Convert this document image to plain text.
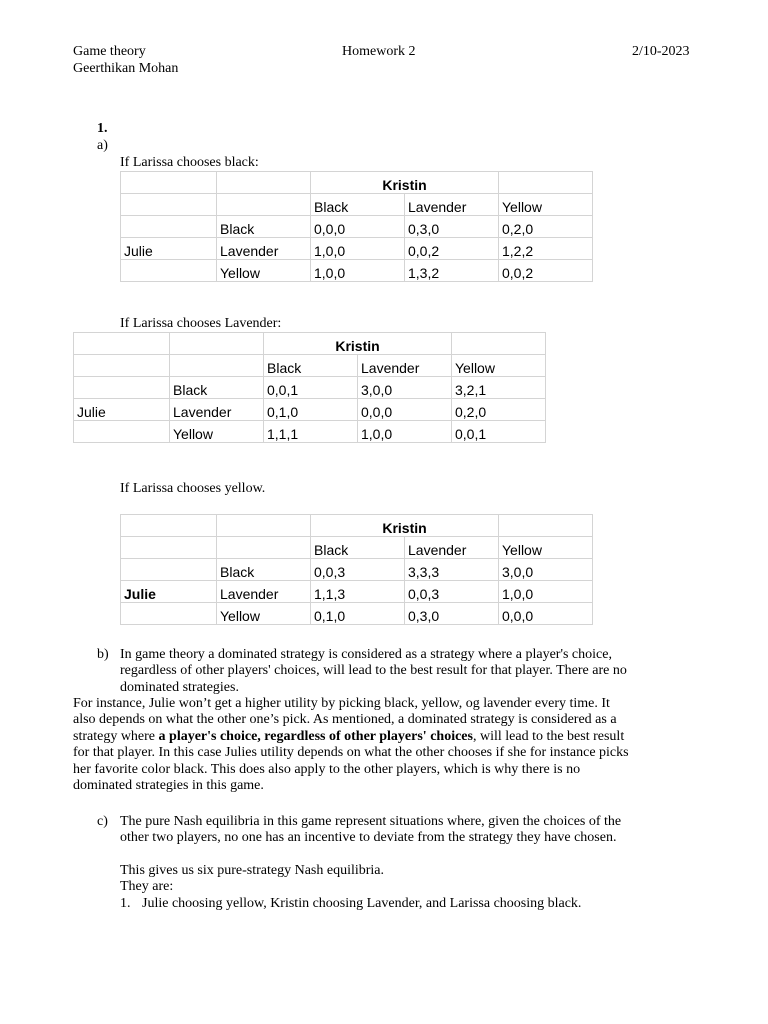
Game theory	Homework 2	2/10-2023
Geerthikan Mohan
1.
a)
If Larissa chooses black:
		Kristin		
		Black	Lavender	Yellow
	Black	0,0,0	0,3,0	0,2,0
Julie	Lavender	1,0,0	0,0,2	1,2,2
	Yellow	1,0,0	1,3,2	0,0,2
If Larissa chooses Lavender:
		Kristin		
		Black	Lavender	Yellow
	Black	0,0,1	3,0,0	3,2,1
Julie	Lavender	0,1,0	0,0,0	0,2,0
	Yellow	1,1,1	1,0,0	0,0,1
If Larissa chooses yellow.
		Kristin		
		Black	Lavender	Yellow
	Black	0,0,3	3,3,3	3,0,0
Julie	Lavender	1,1,3	0,0,3	1,0,0
	Yellow	0,1,0	0,3,0	0,0,0
b) In game theory a dominated strategy is considered as a strategy where a player's choice,
regardless of other players' choices, will lead to the best result for that player. There are no
dominated strategies.
For instance, Julie won’t get a higher utility by picking black, yellow, og lavender every time. It
also depends on what the other one’s pick. As mentioned, a dominated strategy is considered as a
strategy where a player's choice, regardless of other players' choices, will lead to the best result
for that player. In this case Julies utility depends on what the other chooses if she for instance picks
her favorite color black. This does also apply to the other players, which is why there is no
dominated strategies in this game.
c) The pure Nash equilibria in this game represent situations where, given the choices of the
other two players, no one has an incentive to deviate from the strategy they have chosen.
This gives us six pure-strategy Nash equilibria.
They are:
1. Julie choosing yellow, Kristin choosing Lavender, and Larissa choosing black.
